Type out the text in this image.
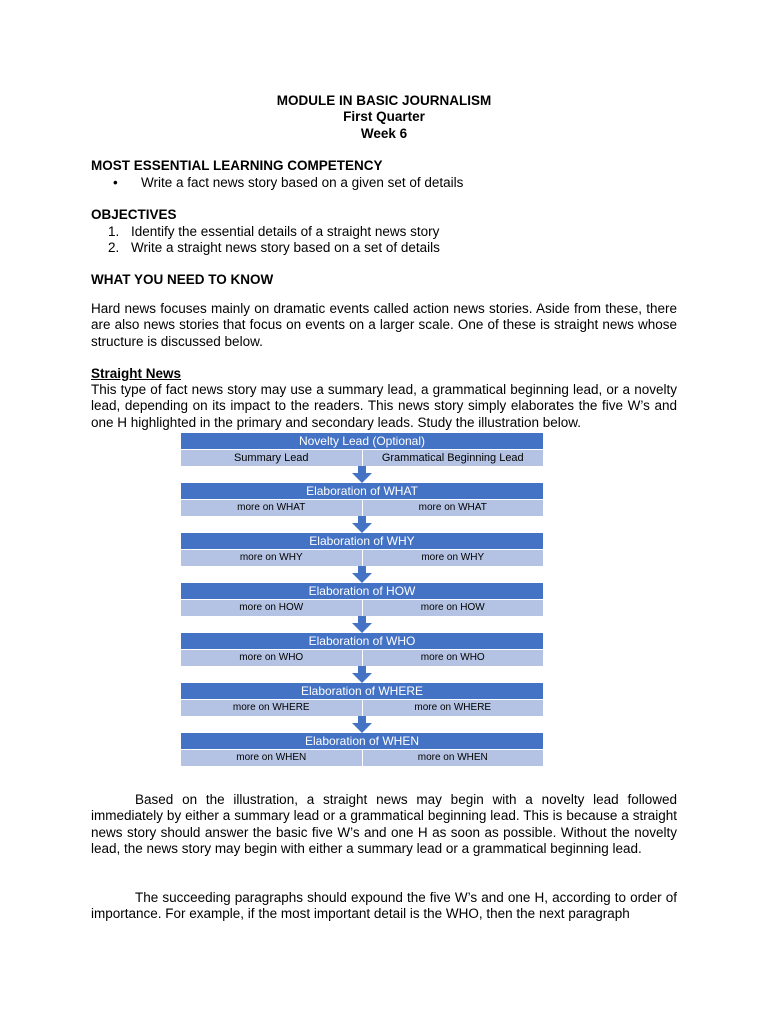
MODULE IN BASIC JOURNALISM
First Quarter
Week 6
MOST ESSENTIAL LEARNING COMPETENCY
• Write a fact news story based on a given set of details
OBJECTIVES
1. Identify the essential details of a straight news story
2. Write a straight news story based on a set of details
WHAT YOU NEED TO KNOW
Hard news focuses mainly on dramatic events called action news stories. Aside from these, there are also news stories that focus on events on a larger scale. One of these is straight news whose structure is discussed below.
Straight News
This type of fact news story may use a summary lead, a grammatical beginning lead, or a novelty lead, depending on its impact to the readers. This news story simply elaborates the five W’s and one H highlighted in the primary and secondary leads. Study the illustration below.
Novelty Lead (Optional)
Summary Lead	Grammatical Beginning Lead
Elaboration of WHAT
more on WHAT	more on WHAT
Elaboration of WHY
more on WHY	more on WHY
Elaboration of HOW
more on HOW	more on HOW
Elaboration of WHO
more on WHO	more on WHO
Elaboration of WHERE
more on WHERE	more on WHERE
Elaboration of WHEN
more on WHEN	more on WHEN
Based on the illustration, a straight news may begin with a novelty lead followed immediately by either a summary lead or a grammatical beginning lead. This is because a straight news story should answer the basic five W’s and one H as soon as possible. Without the novelty lead, the news story may begin with either a summary lead or a grammatical beginning lead.
The succeeding paragraphs should expound the five W’s and one H, according to order of importance. For example, if the most important detail is the WHO, then the next paragraph
